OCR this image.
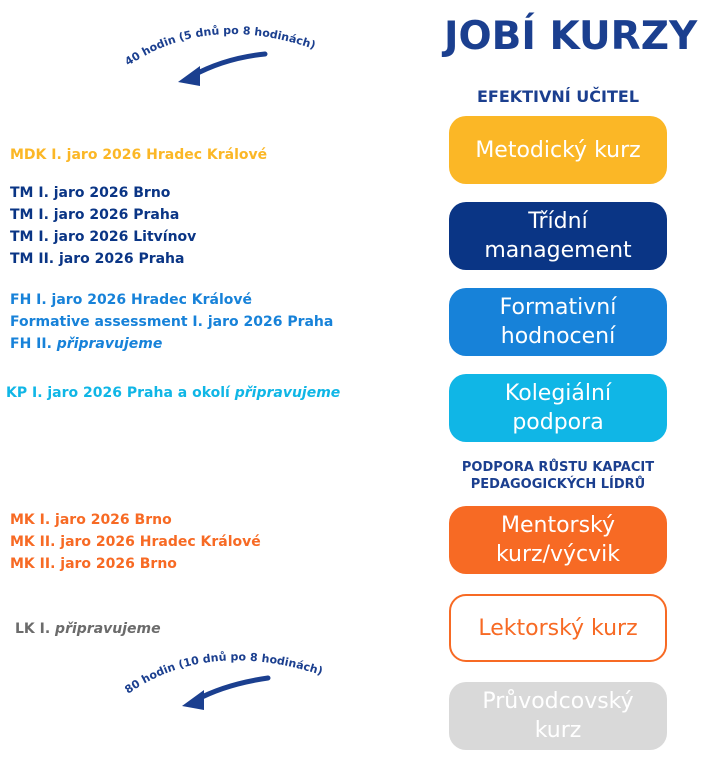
JOBÍ KURZY
EFEKTIVNÍ UČITEL
PODPORA RŮSTU KAPACIT
PEDAGOGICKÝCH LÍDRŮ
Metodický kurz
Třídní management
Formativní hodnocení
Kolegiální podpora
Mentorský kurz/výcvik
Lektorský kurz
Průvodcovský kurz
MDK I. jaro 2026 Hradec Králové
TM I. jaro 2026 Brno
TM I. jaro 2026 Praha
TM I. jaro 2026 Litvínov
TM II. jaro 2026 Praha
FH I. jaro 2026 Hradec Králové
Formative assessment I. jaro 2026 Praha
FH II. připravujeme
KP I. jaro 2026 Praha a okolí připravujeme
MK I. jaro 2026 Brno
MK II. jaro 2026 Hradec Králové
MK II. jaro 2026 Brno
LK I. připravujeme
40 hodin (5 dnů po 8 hodinách)
80 hodin (10 dnů po 8 hodinách)
